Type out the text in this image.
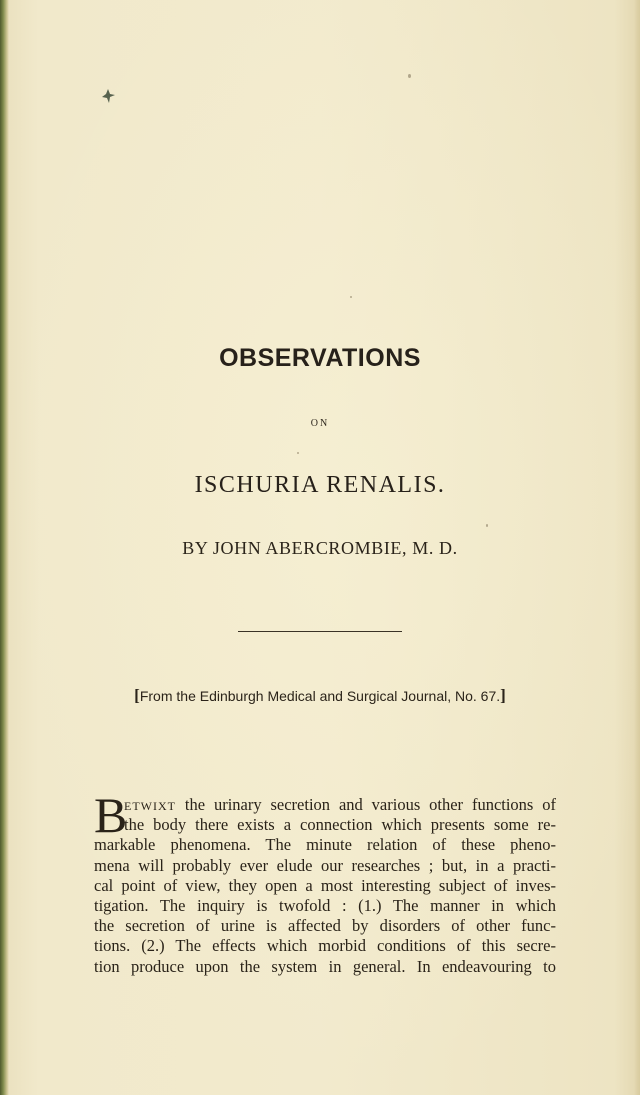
OBSERVATIONS
ON
ISCHURIA RENALIS.
BY JOHN ABERCROMBIE, M. D.
[From the Edinburgh Medical and Surgical Journal, No. 67.]
B
etwixt the urinary secretion and various other functions of
the body there exists a connection which presents some re-
markable phenomena. The minute relation of these pheno-
mena will probably ever elude our researches ; but, in a practi-
cal point of view, they open a most interesting subject of inves-
tigation. The inquiry is twofold : (1.) The manner in which
the secretion of urine is affected by disorders of other func-
tions. (2.) The effects which morbid conditions of this secre-
tion produce upon the system in general. In endeavouring to
